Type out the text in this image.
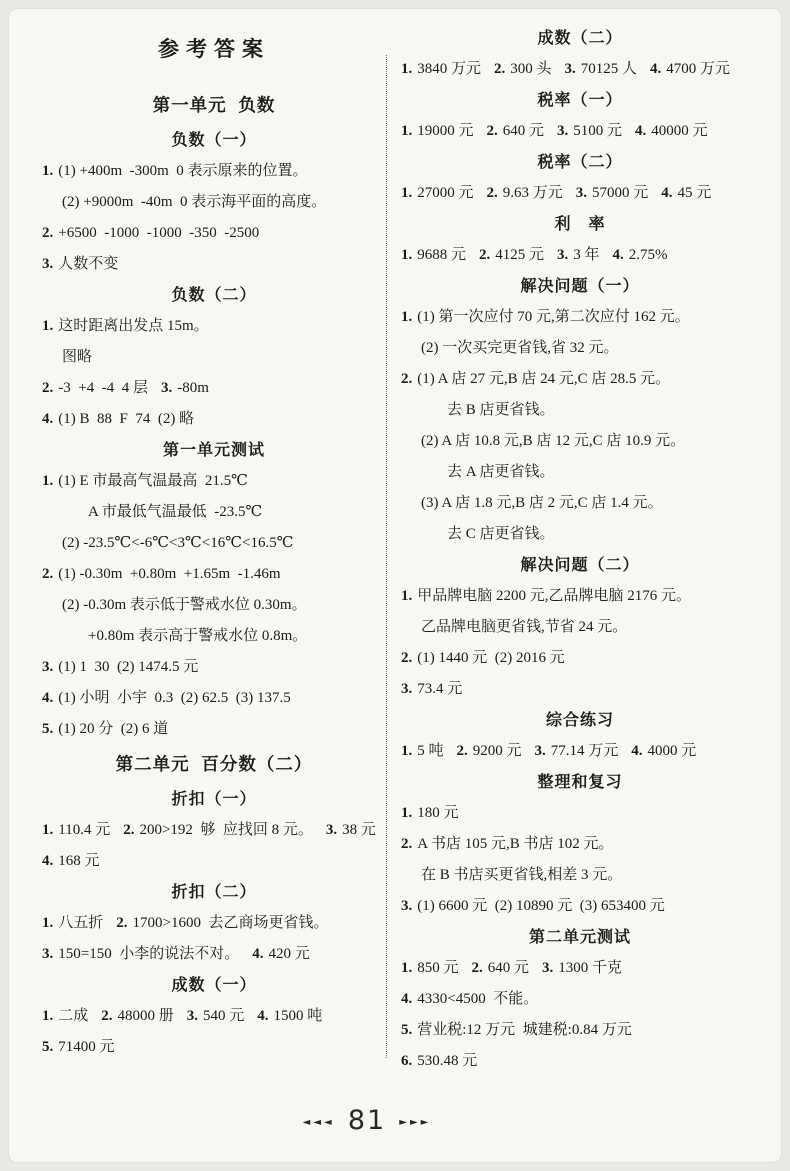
参考答案
第一单元  负数
负数（一）
1. (1) +400m  -300m  0 表示原来的位置。
(2) +9000m  -40m  0 表示海平面的高度。
2. +6500  -1000  -1000  -350  -2500
3. 人数不变
负数（二）
1. 这时距离出发点 15m。
图略
2. -3  +4  -4  4 层 3. -80m
4. (1) B  88  F  74  (2) 略
第一单元测试
1. (1) E 市最高气温最高  21.5℃
A 市最低气温最低  -23.5℃
(2) -23.5℃<-6℃<3℃<16℃<16.5℃
2. (1) -0.30m  +0.80m  +1.65m  -1.46m
(2) -0.30m 表示低于警戒水位 0.30m。
+0.80m 表示高于警戒水位 0.8m。
3. (1) 1  30  (2) 1474.5 元
4. (1) 小明  小宇  0.3  (2) 62.5  (3) 137.5
5. (1) 20 分  (2) 6 道
第二单元  百分数（二）
折扣（一）
1. 110.4 元 2. 200>192  够  应找回 8 元。 3. 38 元
4. 168 元
折扣（二）
1. 八五折 2. 1700>1600  去乙商场更省钱。
3. 150=150  小李的说法不对。 4. 420 元
成数（一）
1. 二成 2. 48000 册 3. 540 元 4. 1500 吨
5. 71400 元
成数（二）
1. 3840 万元 2. 300 头 3. 70125 人 4. 4700 万元
税率（一）
1. 19000 元 2. 640 元 3. 5100 元 4. 40000 元
税率（二）
1. 27000 元 2. 9.63 万元 3. 57000 元 4. 45 元
利　率
1. 9688 元 2. 4125 元 3. 3 年 4. 2.75%
解决问题（一）
1. (1) 第一次应付 70 元,第二次应付 162 元。
(2) 一次买完更省钱,省 32 元。
2. (1) A 店 27 元,B 店 24 元,C 店 28.5 元。
去 B 店更省钱。
(2) A 店 10.8 元,B 店 12 元,C 店 10.9 元。
去 A 店更省钱。
(3) A 店 1.8 元,B 店 2 元,C 店 1.4 元。
去 C 店更省钱。
解决问题（二）
1. 甲品牌电脑 2200 元,乙品牌电脑 2176 元。
乙品牌电脑更省钱,节省 24 元。
2. (1) 1440 元  (2) 2016 元
3. 73.4 元
综合练习
1. 5 吨 2. 9200 元 3. 77.14 万元 4. 4000 元
整理和复习
1. 180 元
2. A 书店 105 元,B 书店 102 元。
在 B 书店买更省钱,相差 3 元。
3. (1) 6600 元  (2) 10890 元  (3) 653400 元
第二单元测试
1. 850 元 2. 640 元 3. 1300 千克
4. 4330<4500  不能。
5. 营业税:12 万元  城建税:0.84 万元
6. 530.48 元
◄◄◄ 81 ►►►
